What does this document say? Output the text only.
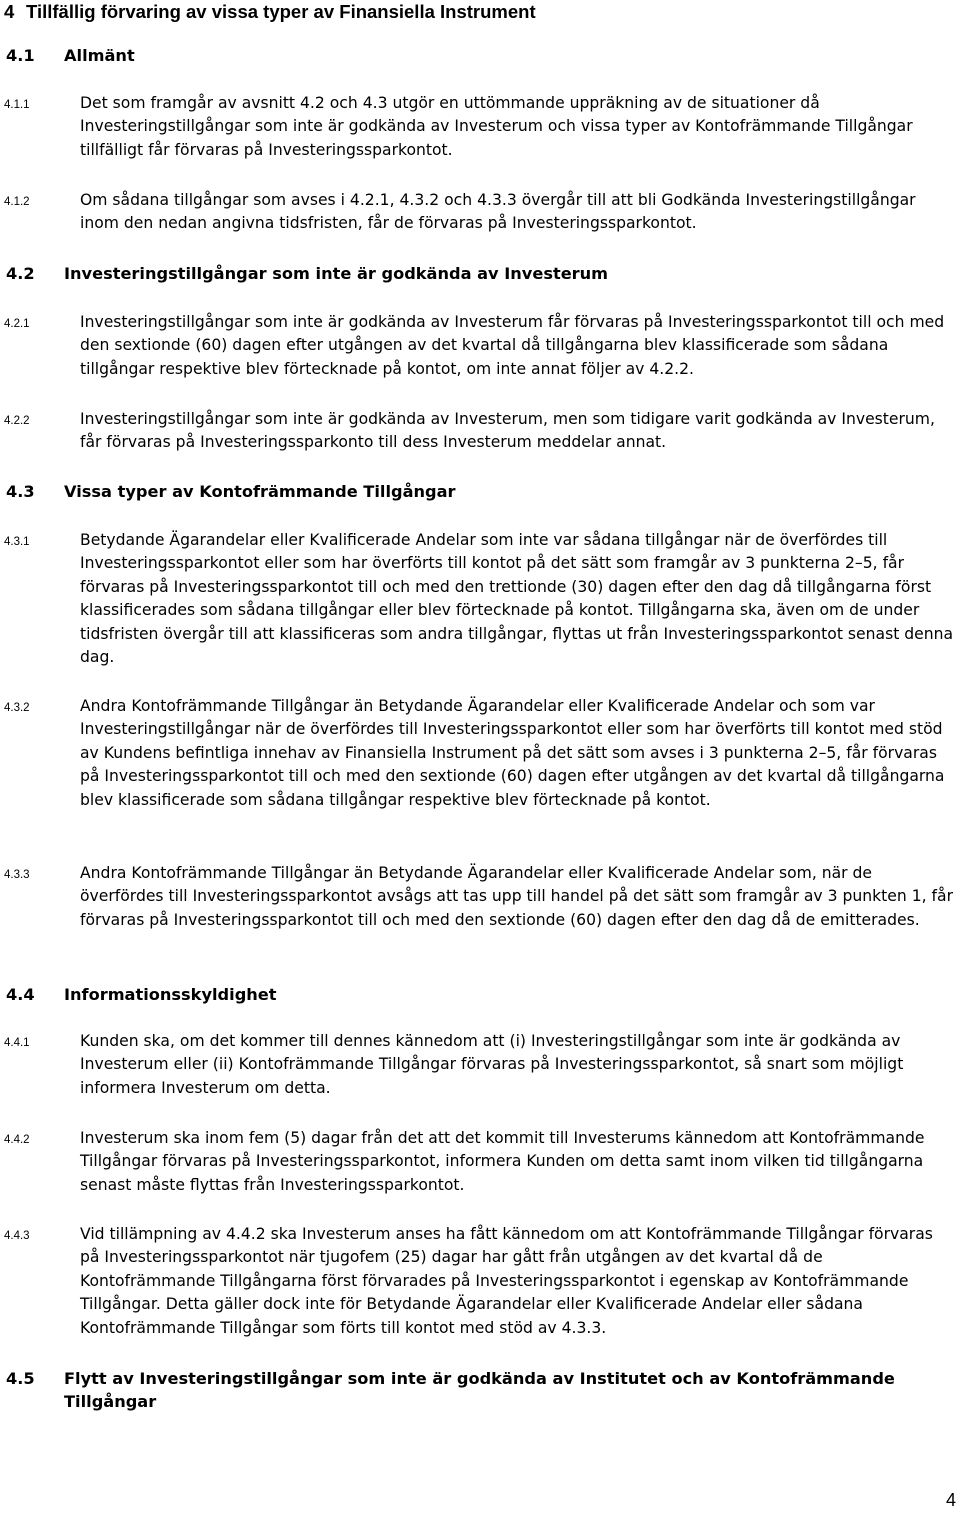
4 Tillfällig förvaring av vissa typer av Finansiella Instrument
4.1 Allmänt
4.1.1	Det som framgår av avsnitt 4.2 och 4.3 utgör en uttömmande uppräkning av de situationer då Investeringstillgångar som inte är godkända av Investerum och vissa typer av Kontofrämmande Tillgångar tillfälligt får förvaras på Investeringssparkontot.
4.1.2	Om sådana tillgångar som avses i 4.2.1, 4.3.2 och 4.3.3 övergår till att bli Godkända Investeringstillgångar inom den nedan angivna tidsfristen, får de förvaras på Investeringssparkontot.
4.2 Investeringstillgångar som inte är godkända av Investerum
4.2.1	Investeringstillgångar som inte är godkända av Investerum får förvaras på Investeringssparkontot till och med den sextionde (60) dagen efter utgången av det kvartal då tillgångarna blev klassificerade som sådana tillgångar respektive blev förtecknade på kontot, om inte annat följer av 4.2.2.
4.2.2	Investeringstillgångar som inte är godkända av Investerum, men som tidigare varit godkända av Investerum, får förvaras på Investeringssparkonto till dess Investerum meddelar annat.
4.3 Vissa typer av Kontofrämmande Tillgångar
4.3.1	Betydande Ägarandelar eller Kvalificerade Andelar som inte var sådana tillgångar när de överfördes till Investeringssparkontot eller som har överförts till kontot på det sätt som framgår av 3 punkterna 2–5, får förvaras på Investeringssparkontot till och med den trettionde (30) dagen efter den dag då tillgångarna först klassificerades som sådana tillgångar eller blev förtecknade på kontot. Tillgångarna ska, även om de under tidsfristen övergår till att klassificeras som andra tillgångar, flyttas ut från Investeringssparkontot senast denna dag.
4.3.2	Andra Kontofrämmande Tillgångar än Betydande Ägarandelar eller Kvalificerade Andelar och som var Investeringstillgångar när de överfördes till Investeringssparkontot eller som har överförts till kontot med stöd av Kundens befintliga innehav av Finansiella Instrument på det sätt som avses i 3 punkterna 2–5, får förvaras på Investeringssparkontot till och med den sextionde (60) dagen efter utgången av det kvartal då tillgångarna blev klassificerade som sådana tillgångar respektive blev förtecknade på kontot.
4.3.3	Andra Kontofrämmande Tillgångar än Betydande Ägarandelar eller Kvalificerade Andelar som, när de överfördes till Investeringssparkontot avsågs att tas upp till handel på det sätt som framgår av 3 punkten 1, får förvaras på Investeringssparkontot till och med den sextionde (60) dagen efter den dag då de emitterades.
4.4 Informationsskyldighet
4.4.1	Kunden ska, om det kommer till dennes kännedom att (i) Investeringstillgångar som inte är godkända av Investerum eller (ii) Kontofrämmande Tillgångar förvaras på Investeringssparkontot, så snart som möjligt informera Investerum om detta.
4.4.2	Investerum ska inom fem (5) dagar från det att det kommit till Investerums kännedom att Kontofrämmande Tillgångar förvaras på Investeringssparkontot, informera Kunden om detta samt inom vilken tid tillgångarna senast måste flyttas från Investeringssparkontot.
4.4.3	Vid tillämpning av 4.4.2 ska Investerum anses ha fått kännedom om att Kontofrämmande Tillgångar förvaras på Investeringssparkontot när tjugofem (25) dagar har gått från utgången av det kvartal då de Kontofrämmande Tillgångarna först förvarades på Investeringssparkontot i egenskap av Kontofrämmande Tillgångar. Detta gäller dock inte för Betydande Ägarandelar eller Kvalificerade Andelar eller sådana Kontofrämmande Tillgångar som förts till kontot med stöd av 4.3.3.
4.5 Flytt av Investeringstillgångar som inte är godkända av Institutet och av Kontofrämmande Tillgångar
4
